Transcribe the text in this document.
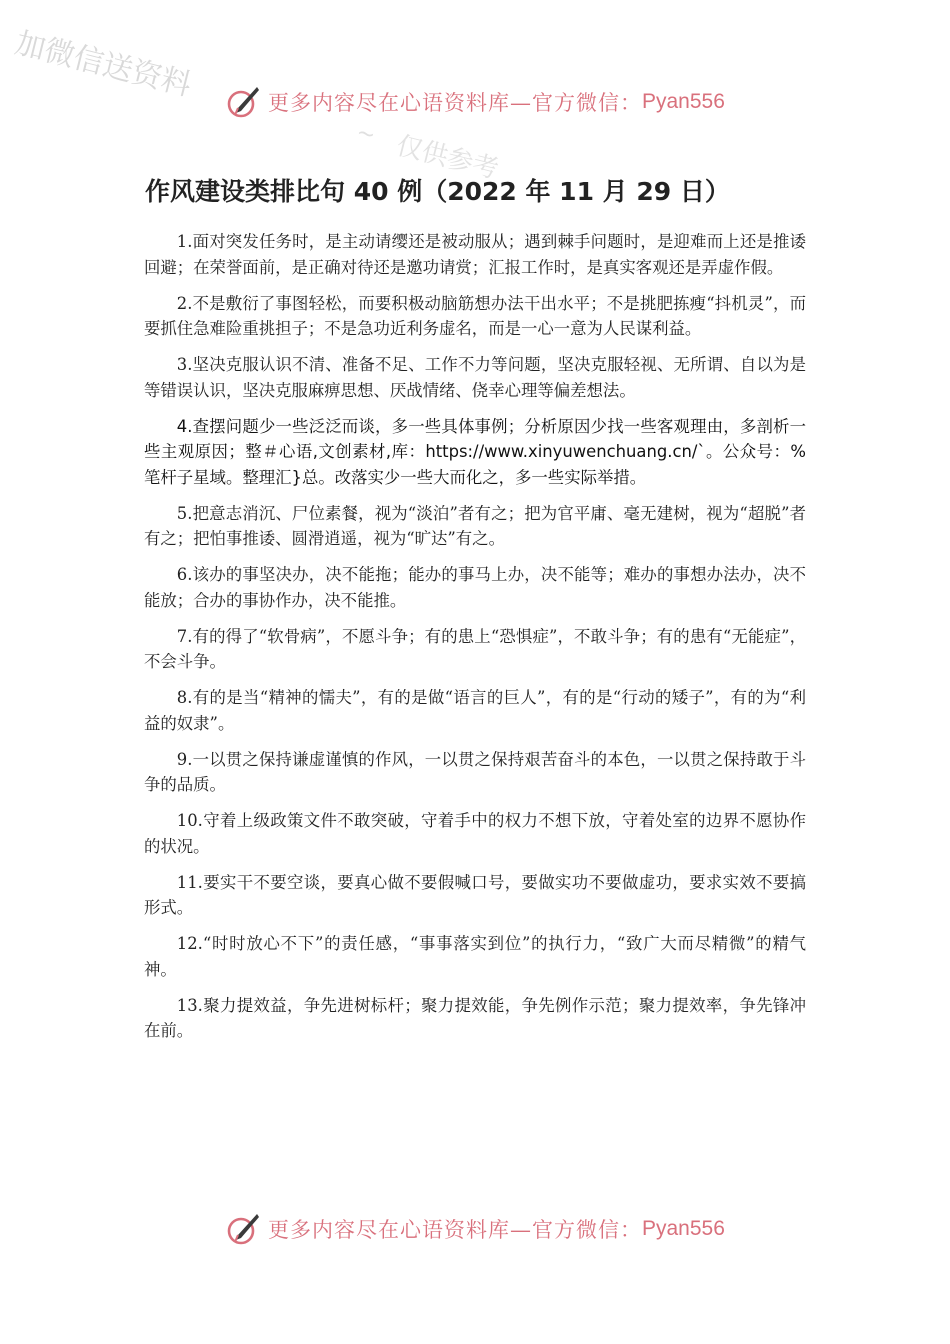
加微信送资料
~ 仅供参考
更多内容尽在心语资料库—官方微信： Pyan556
作风建设类排比句 40 例（2022 年 11 月 29 日）

1.面对突发任务时，是主动请缨还是被动服从；遇到棘手问题时，是迎难而上还是推诿回避；在荣誉面前，是正确对待还是邀功请赏；汇报工作时，是真实客观还是弄虚作假。

2.不是敷衍了事图轻松，而要积极动脑筋想办法干出水平；不是挑肥拣瘦“抖机灵”，而要抓住急难险重挑担子；不是急功近利务虚名，而是一心一意为人民谋利益。

3.坚决克服认识不清、准备不足、工作不力等问题，坚决克服轻视、无所谓、自以为是等错误认识，坚决克服麻痹思想、厌战情绪、侥幸心理等偏差想法。

4.查摆问题少一些泛泛而谈，多一些具体事例；分析原因少找一些客观理由，多剖析一些主观原因；整＃心语,文创素材,库：https://www.xinyuwenchuang.cn/`。公众号：%笔杆子星域。整理汇}总。改落实少一些大而化之，多一些实际举措。

5.把意志消沉、尸位素餐，视为“淡泊”者有之；把为官平庸、毫无建树，视为“超脱”者有之；把怕事推诿、圆滑逍遥，视为“旷达”有之。

6.该办的事坚决办，决不能拖；能办的事马上办，决不能等；难办的事想办法办，决不能放；合办的事协作办，决不能推。

7.有的得了“软骨病”，不愿斗争；有的患上“恐惧症”，不敢斗争；有的患有“无能症”，不会斗争。

8.有的是当“精神的懦夫”，有的是做“语言的巨人”，有的是“行动的矮子”，有的为“利益的奴隶”。

9.一以贯之保持谦虚谨慎的作风，一以贯之保持艰苦奋斗的本色，一以贯之保持敢于斗争的品质。

10.守着上级政策文件不敢突破，守着手中的权力不想下放，守着处室的边界不愿协作的状况。

11.要实干不要空谈，要真心做不要假喊口号，要做实功不要做虚功，要求实效不要搞形式。

12.“时时放心不下”的责任感，“事事落实到位”的执行力，“致广大而尽精微”的精气神。

13.聚力提效益，争先进树标杆；聚力提效能，争先例作示范；聚力提效率，争先锋冲在前。

更多内容尽在心语资料库—官方微信： Pyan556
